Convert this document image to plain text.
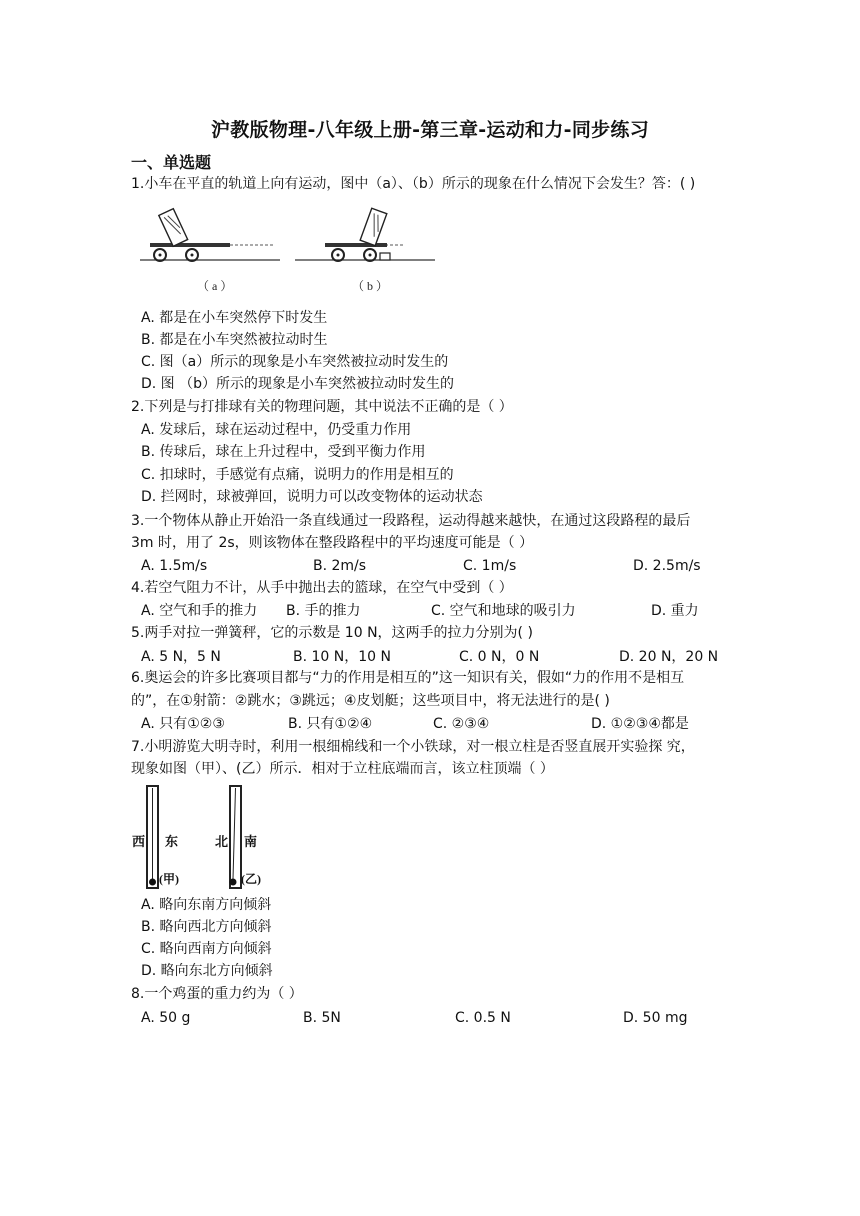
沪教版物理-八年级上册-第三章-运动和力-同步练习
一、单选题
1.小车在平直的轨道上向有运动，图中（a）、（b）所示的现象在什么情况下会发生？答：( )
（ a ）	（ b ）
A. 都是在小车突然停下时发生
B. 都是在小车突然被拉动时生
C. 图（a）所示的现象是小车突然被拉动时发生的
D. 图 （b）所示的现象是小车突然被拉动时发生的
2.下列是与打排球有关的物理问题，其中说法不正确的是（ ）
A. 发球后，球在运动过程中，仍受重力作用
B. 传球后，球在上升过程中，受到平衡力作用
C. 扣球时，手感觉有点痛，说明力的作用是相互的
D. 拦网时，球被弹回，说明力可以改变物体的运动状态
3.一个物体从静止开始沿一条直线通过一段路程，运动得越来越快，在通过这段路程的最后
3m 时，用了 2s，则该物体在整段路程中的平均速度可能是（ ）
A. 1.5m/s	B. 2m/s	C. 1m/s	D. 2.5m/s
4.若空气阻力不计，从手中抛出去的篮球，在空气中受到（ ）
A. 空气和手的推力 B. 手的推力	C. 空气和地球的吸引力	D. 重力
5.两手对拉一弹簧秤，它的示数是 10 N，这两手的拉力分别为( )
A. 5 N，5 N	B. 10 N，10 N	C. 0 N，0 N	D. 20 N，20 N
6.奥运会的许多比赛项目都与“力的作用是相互的”这一知识有关，假如“力的作用不是相互
的”，在①射箭：②跳水；③跳远；④皮划艇；这些项目中，将无法进行的是( )
A. 只有①②③	B. 只有①②④	C. ②③④	D. ①②③④都是
7.小明游览大明寺时，利用一根细棉线和一个小铁球，对一根立柱是否竖直展开实验探 究，
现象如图（甲）、(乙）所示．相对于立柱底端而言，该立柱顶端（ ）
西 东
(甲)
北 南
(乙)
A. 略向东南方向倾斜
B. 略向西北方向倾斜
C. 略向西南方向倾斜
D. 略向东北方向倾斜
8.一个鸡蛋的重力约为（ ）
A. 50 g	B. 5N	C. 0.5 N	D. 50 mg
